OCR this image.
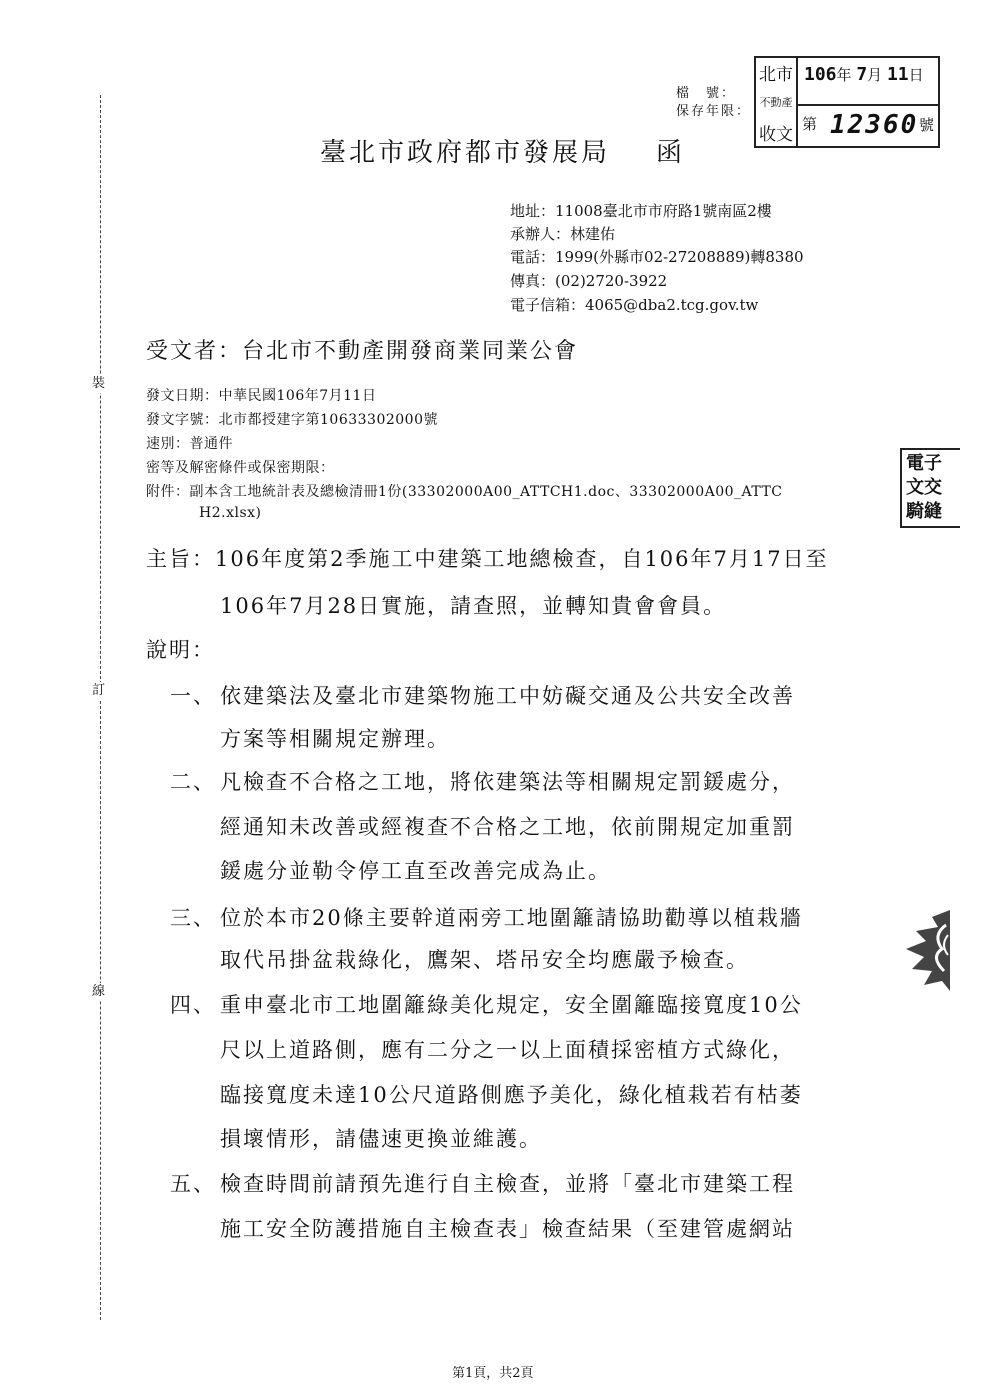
裝
訂
線
檔　號：
保存年限：
北市
不動產
收文
106年 7月 11日
第 12360 號
臺北市政府都市發展局 函
地址：11008臺北市市府路1號南區2樓
承辦人：林建佑
電話：1999(外縣市02-27208889)轉8380
傳真：(02)2720-3922
電子信箱：4065@dba2.tcg.gov.tw
受文者：台北市不動產開發商業同業公會
發文日期：中華民國106年7月11日
發文字號：北市都授建字第10633302000號
速別：普通件
密等及解密條件或保密期限：
附件：副本含工地統計表及總檢清冊1份(33302000A00_ATTCH1.doc、33302000A00_ATTC
H2.xlsx)
主旨：106年度第2季施工中建築工地總檢查，自106年7月17日至
106年7月28日實施，請查照，並轉知貴會會員。
說明：
一、 依建築法及臺北市建築物施工中妨礙交通及公共安全改善
方案等相關規定辦理。
二、 凡檢查不合格之工地，將依建築法等相關規定罰鍰處分，
經通知未改善或經複查不合格之工地，依前開規定加重罰
鍰處分並勒令停工直至改善完成為止。
三、 位於本市20條主要幹道兩旁工地圍籬請協助勸導以植栽牆
取代吊掛盆栽綠化，鷹架、塔吊安全均應嚴予檢查。
四、 重申臺北市工地圍籬綠美化規定，安全圍籬臨接寬度10公
尺以上道路側，應有二分之一以上面積採密植方式綠化，
臨接寬度未達10公尺道路側應予美化，綠化植栽若有枯萎
損壞情形，請儘速更換並維護。
五、 檢查時間前請預先進行自主檢查，並將「臺北市建築工程
施工安全防護措施自主檢查表」檢查結果（至建管處網站
電子
文交
騎縫
第1頁，共2頁
